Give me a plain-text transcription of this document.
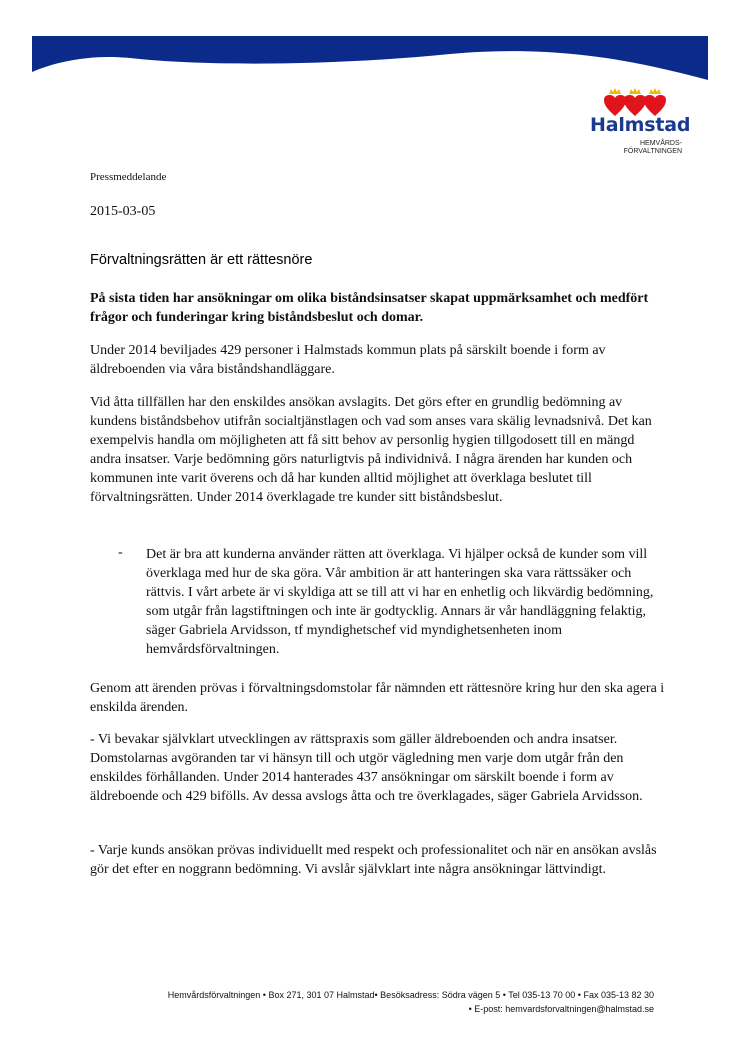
Halmstad
HEMVÅRDS-
FÖRVALTNINGEN
Pressmeddelande
2015-03-05
Förvaltningsrätten är ett rättesnöre

På sista tiden har ansökningar om olika biståndsinsatser skapat uppmärksamhet och medfört frågor och funderingar kring biståndsbeslut och domar.

Under 2014 beviljades 429 personer i Halmstads kommun plats på särskilt boende i form av äldreboenden via våra biståndshandläggare.

Vid åtta tillfällen har den enskildes ansökan avslagits. Det görs efter en grundlig bedömning av kundens biståndsbehov utifrån socialtjänstlagen och vad som anses vara skälig levnadsnivå. Det kan exempelvis handla om möjligheten att få sitt behov av personlig hygien tillgodosett till en mängd andra insatser. Varje bedömning görs naturligtvis på individnivå. I några ärenden har kunden och kommunen inte varit överens och då har kunden alltid möjlighet att överklaga beslutet till förvaltningsrätten. Under 2014 överklagade tre kunder sitt biståndsbeslut.

- Det är bra att kunderna använder rätten att överklaga. Vi hjälper också de kunder som vill överklaga med hur de ska göra. Vår ambition är att hanteringen ska vara rättssäker och rättvis. I vårt arbete är vi skyldiga att se till att vi har en enhetlig och likvärdig bedömning, som utgår från lagstiftningen och inte är godtycklig. Annars är vår handläggning felaktig, säger Gabriela Arvidsson, tf myndighetschef vid myndighetsenheten inom hemvårdsförvaltningen.

Genom att ärenden prövas i förvaltningsdomstolar får nämnden ett rättesnöre kring hur den ska agera i enskilda ärenden.

- Vi bevakar självklart utvecklingen av rättspraxis som gäller äldreboenden och andra insatser. Domstolarnas avgöranden tar vi hänsyn till och utgör vägledning men varje dom utgår från den enskildes förhållanden. Under 2014 hanterades 437 ansökningar om särskilt boende i form av äldreboende och 429 bifölls. Av dessa avslogs åtta och tre överklagades, säger Gabriela Arvidsson.

- Varje kunds ansökan prövas individuellt med respekt och professionalitet och när en ansökan avslås gör det efter en noggrann bedömning. Vi avslår självklart inte några ansökningar lättvindigt.

Hemvårdsförvaltningen • Box 271, 301 07 Halmstad• Besöksadress: Södra vägen 5 • Tel 035-13 70 00 • Fax 035-13 82 30
• E-post: hemvardsforvaltningen@halmstad.se
